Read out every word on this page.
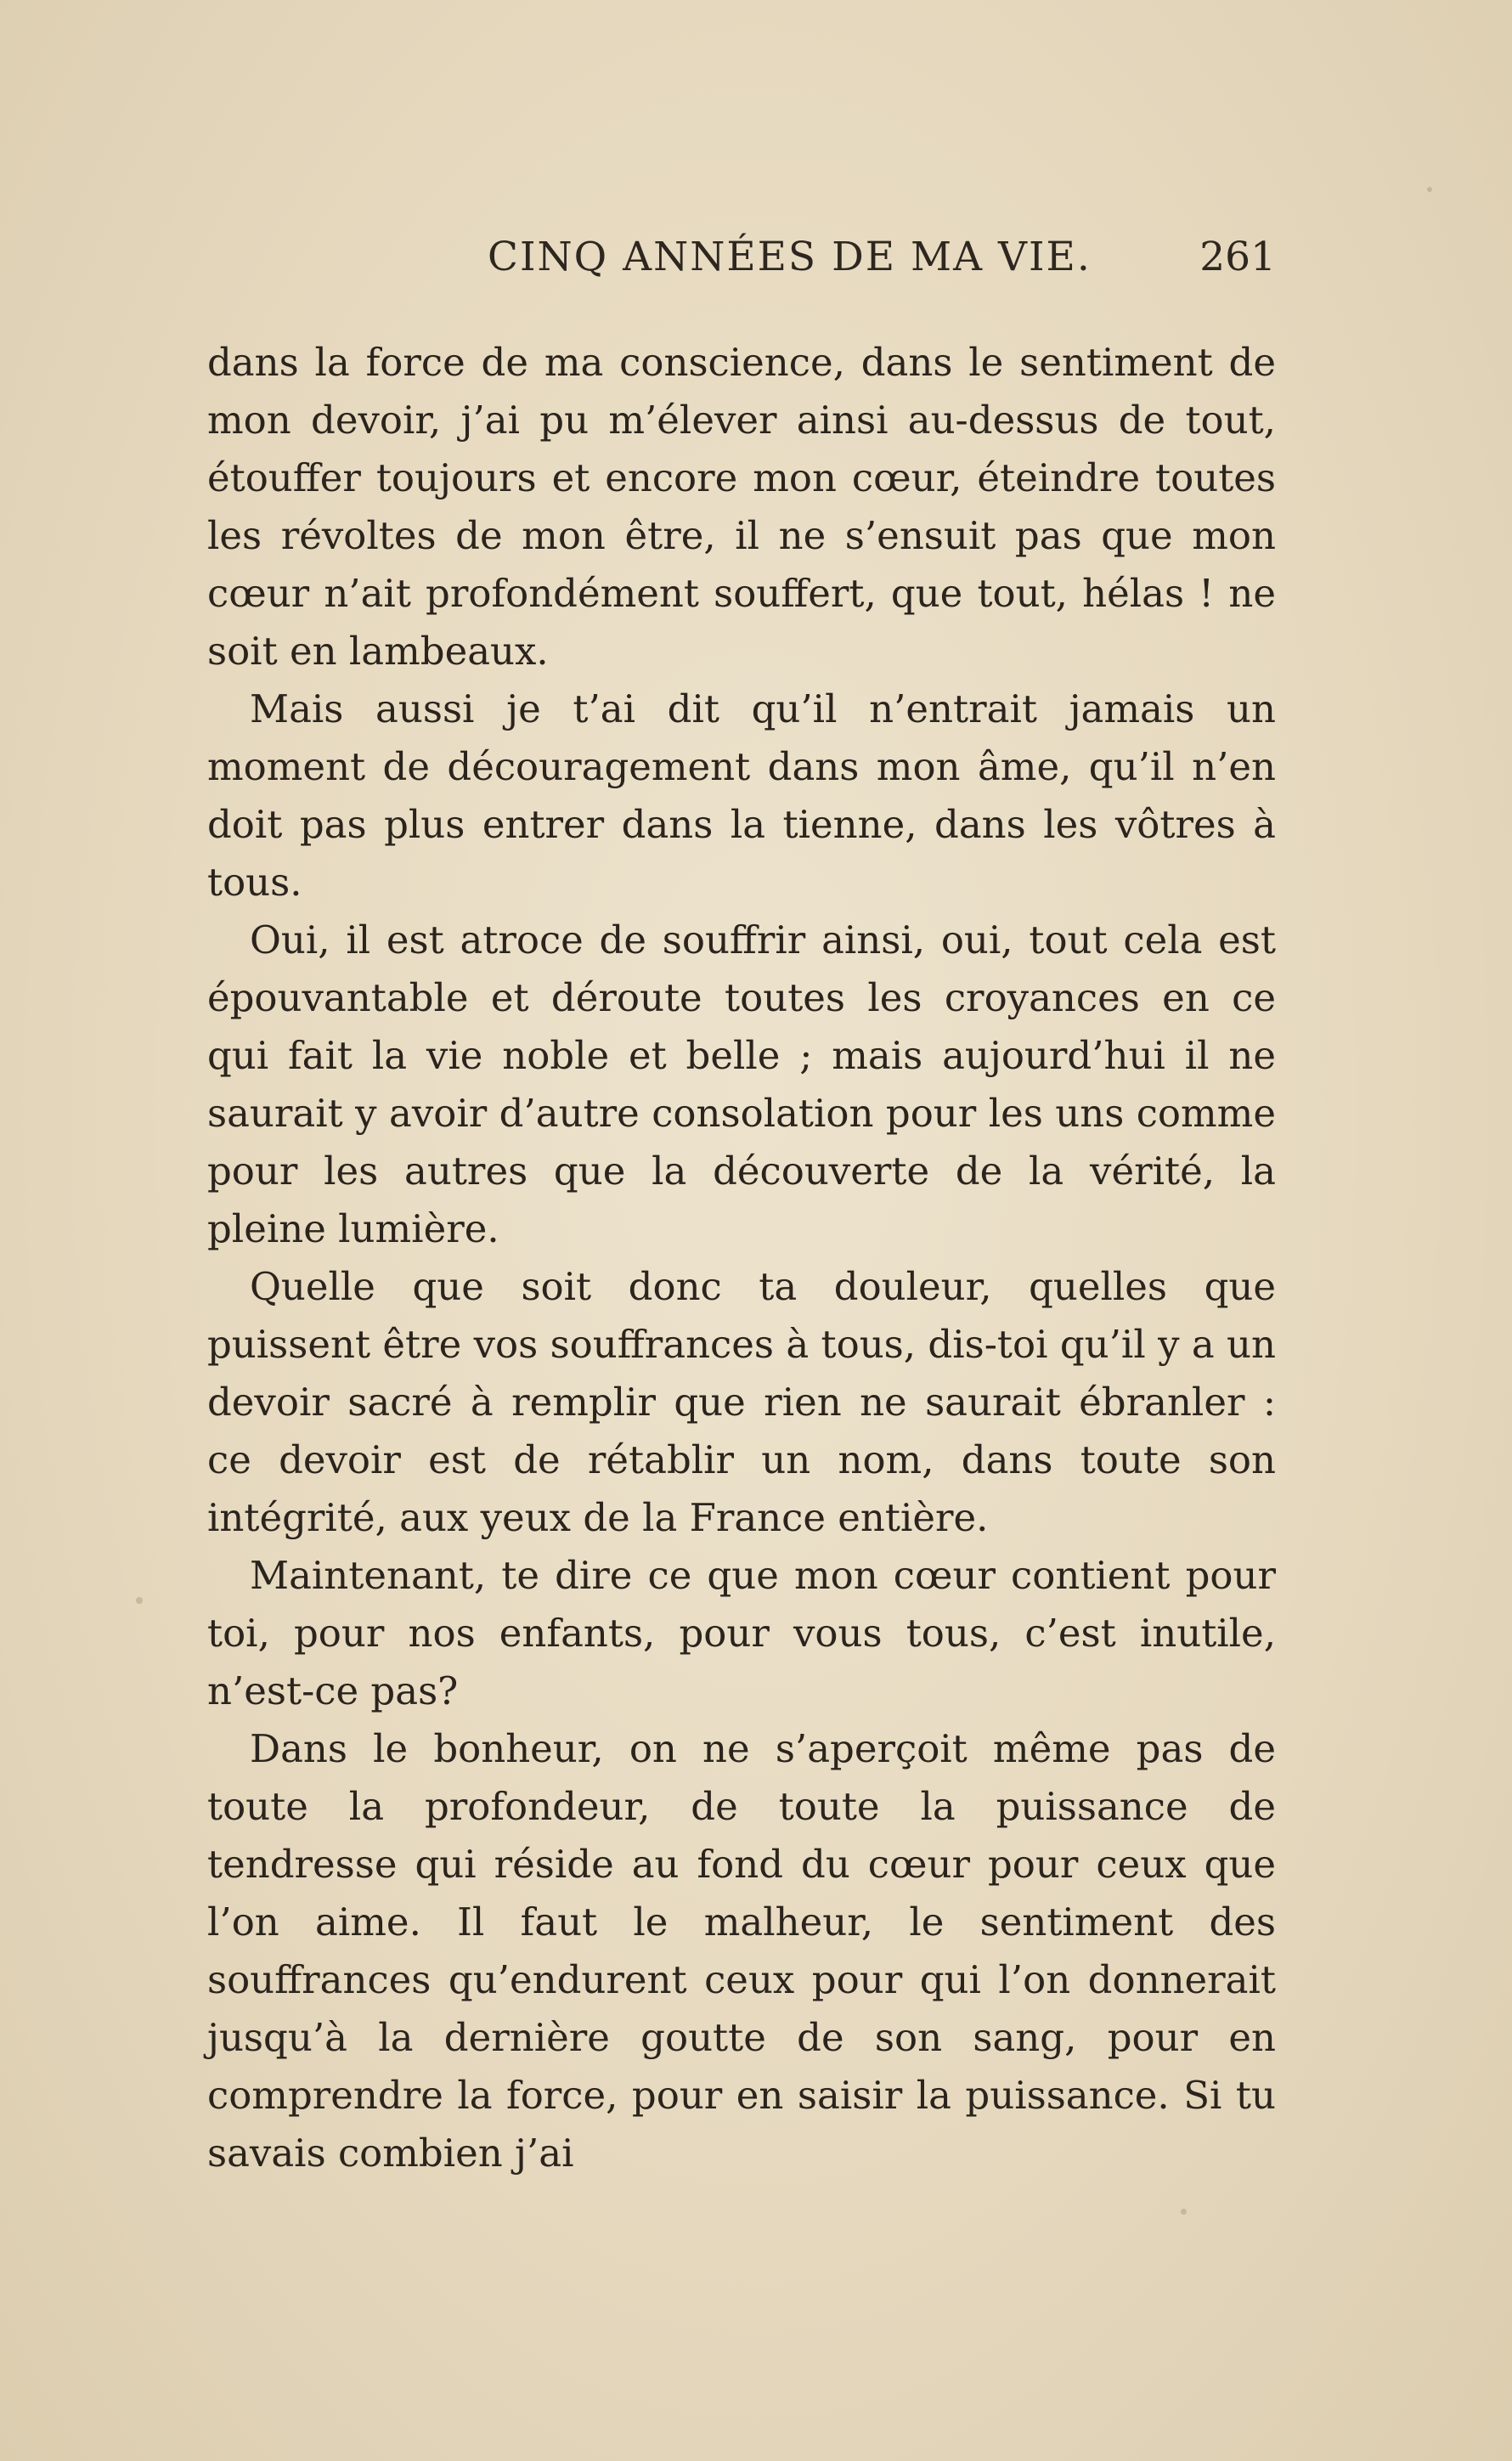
CINQ ANNÉES DE MA VIE.	261

dans la force de ma conscience, dans le sentiment de mon devoir, j’ai pu m’élever ainsi au-dessus de tout, étouffer toujours et encore mon cœur, éteindre toutes les révoltes de mon être, il ne s’ensuit pas que mon cœur n’ait profondément souffert, que tout, hélas ! ne soit en lambeaux.

Mais aussi je t’ai dit qu’il n’entrait jamais un moment de découragement dans mon âme, qu’il n’en doit pas plus entrer dans la tienne, dans les vôtres à tous.

Oui, il est atroce de souffrir ainsi, oui, tout cela est épouvantable et déroute toutes les croyances en ce qui fait la vie noble et belle ; mais aujourd’hui il ne saurait y avoir d’autre consolation pour les uns comme pour les autres que la découverte de la vérité, la pleine lumière.

Quelle que soit donc ta douleur, quelles que puissent être vos souffrances à tous, dis-toi qu’il y a un devoir sacré à remplir que rien ne saurait ébranler : ce devoir est de rétablir un nom, dans toute son intégrité, aux yeux de la France entière.

Maintenant, te dire ce que mon cœur contient pour toi, pour nos enfants, pour vous tous, c’est inutile, n’est-ce pas?

Dans le bonheur, on ne s’aperçoit même pas de toute la profondeur, de toute la puissance de tendresse qui réside au fond du cœur pour ceux que l’on aime. Il faut le malheur, le sentiment des souffrances qu’endurent ceux pour qui l’on donnerait jusqu’à la dernière goutte de son sang, pour en comprendre la force, pour en saisir la puissance. Si tu savais combien j’ai
